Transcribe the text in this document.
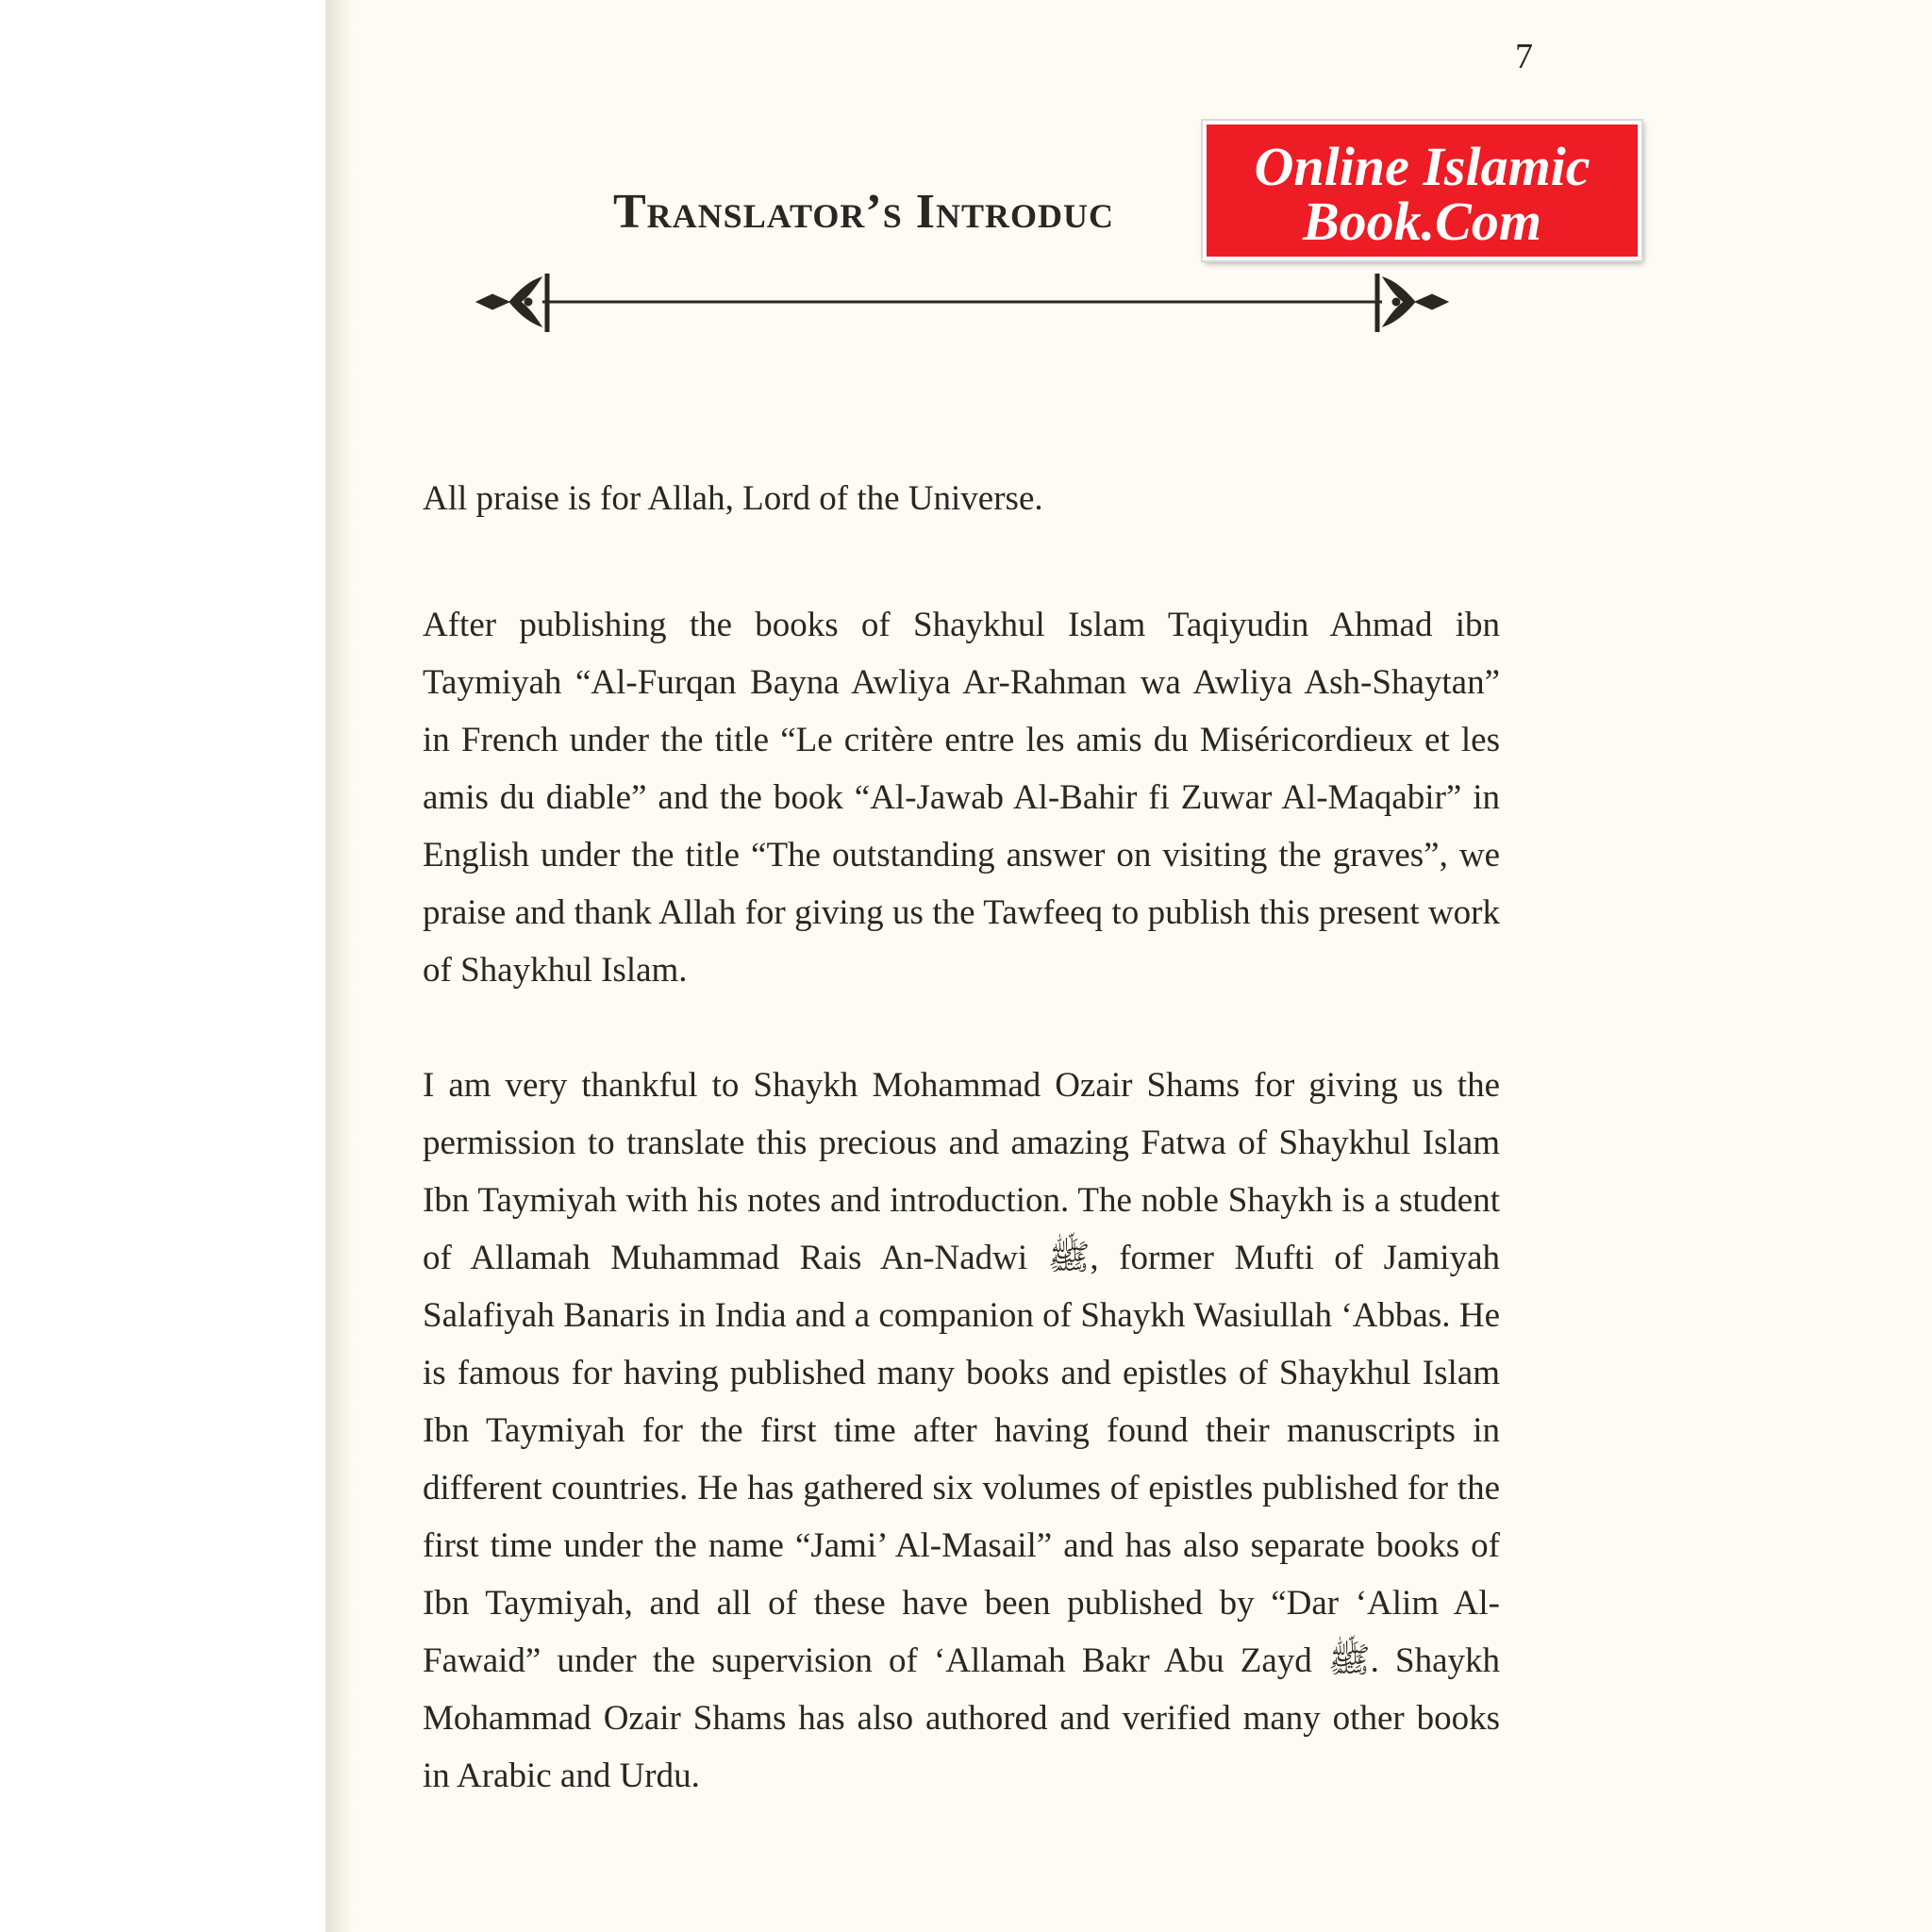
7
Translator’s Introduc
Online Islamic
Book.Com
All praise is for Allah, Lord of the Universe.
After publishing the books of Shaykhul Islam Taqiyudin Ahmad ibn Taymiyah “Al-Furqan Bayna Awliya Ar-Rahman wa Awliya Ash-Shaytan” in French under the title “Le critère entre les amis du Miséricordieux et les amis du diable” and the book “Al-Jawab Al-Bahir fi Zuwar Al-Maqabir” in English under the title “The outstanding answer on visiting the graves”, we praise and thank Allah for giving us the Tawfeeq to publish this present work of Shaykhul Islam.
I am very thankful to Shaykh Mohammad Ozair Shams for giving us the permission to translate this precious and amazing Fatwa of Shaykhul Islam Ibn Taymiyah with his notes and introduction. The noble Shaykh is a student of Allamah Muhammad Rais An-Nadwi ﷺ, former Mufti of Jamiyah Salafiyah Banaris in India and a companion of Shaykh Wasiullah ‘Abbas. He is famous for having published many books and epistles of Shaykhul Islam Ibn Taymiyah for the first time after having found their manuscripts in different countries. He has gathered six volumes of epistles published for the first time under the name “Jami’ Al-Masail” and has also separate books of Ibn Taymiyah, and all of these have been published by “Dar ‘Alim Al-Fawaid” under the supervision of ‘Allamah Bakr Abu Zayd ﷺ. Shaykh Mohammad Ozair Shams has also authored and verified many other books in Arabic and Urdu.
